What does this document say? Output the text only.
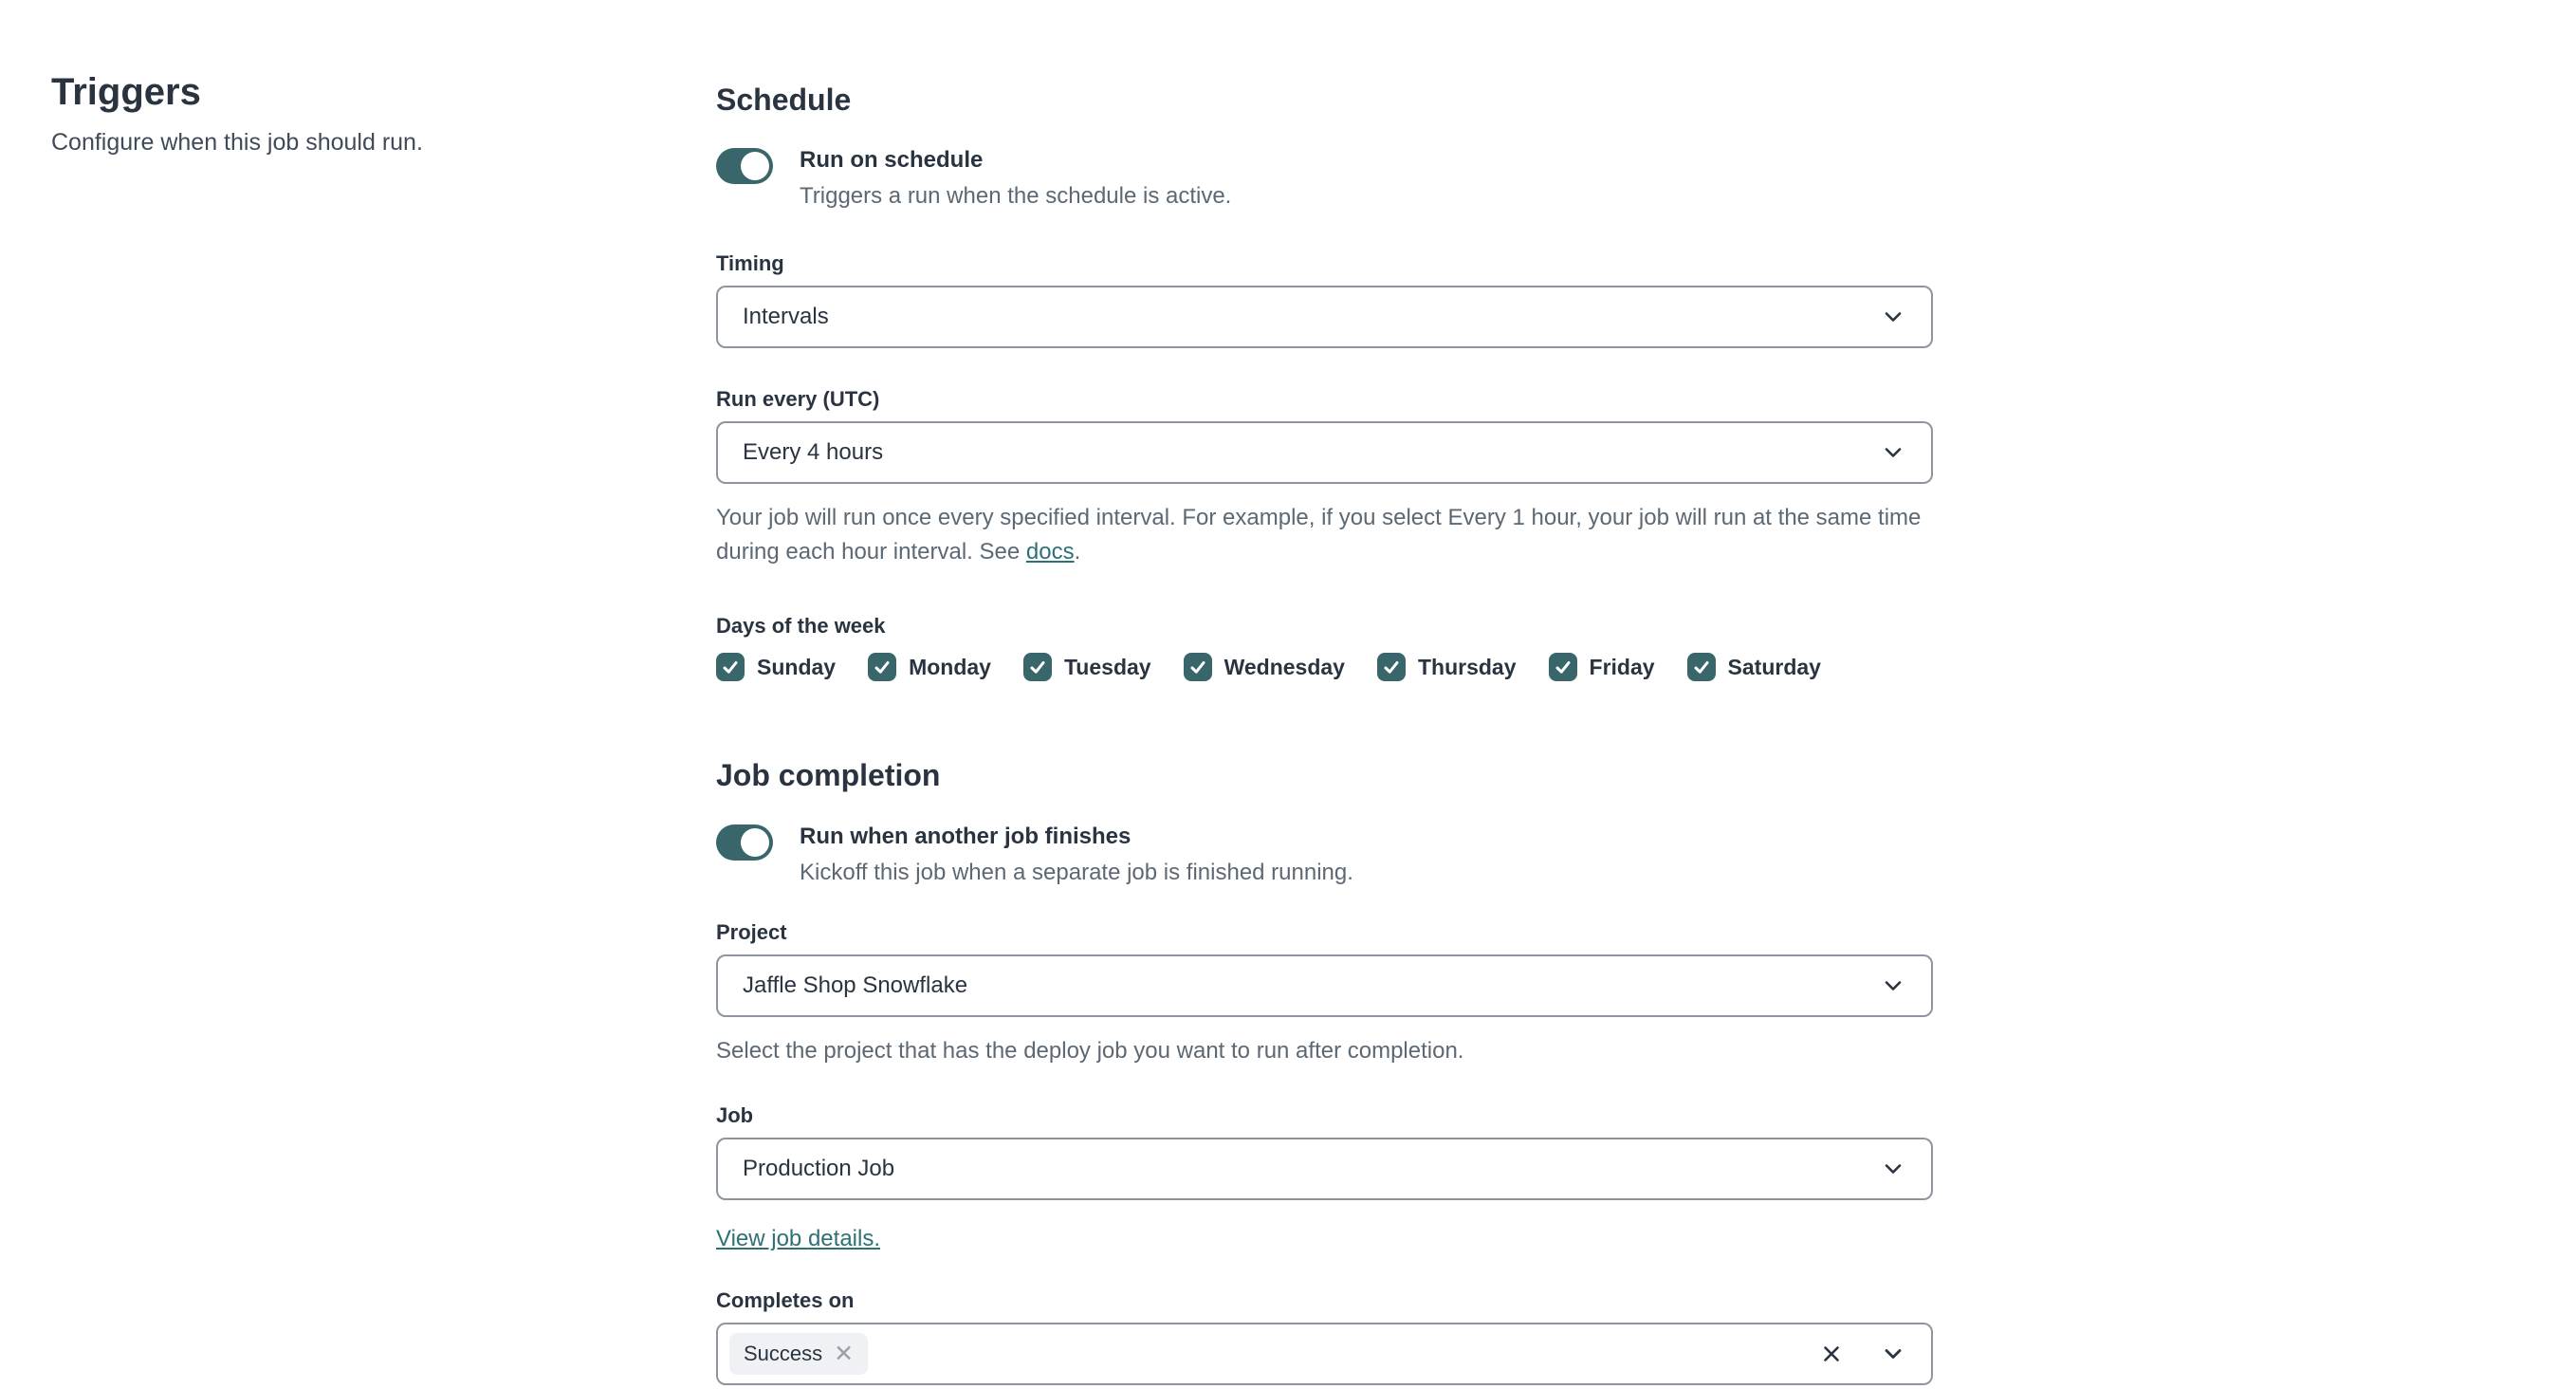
Triggers

Configure when this job should run.

Schedule
Run on schedule
Triggers a run when the schedule is active.
Timing
Intervals
Run every (UTC)
Every 4 hours

Your job will run once every specified interval. For example, if you select Every 1 hour, your job will run at the same time during each hour interval. See docs.

Days of the week
Sunday	Monday	Tuesday	Wednesday	Thursday	Friday	Saturday
Job completion
Run when another job finishes
Kickoff this job when a separate job is finished running.
Project
Jaffle Shop Snowflake

Select the project that has the deploy job you want to run after completion.

Job
Production Job
View job details.
Completes on
Success ✕
